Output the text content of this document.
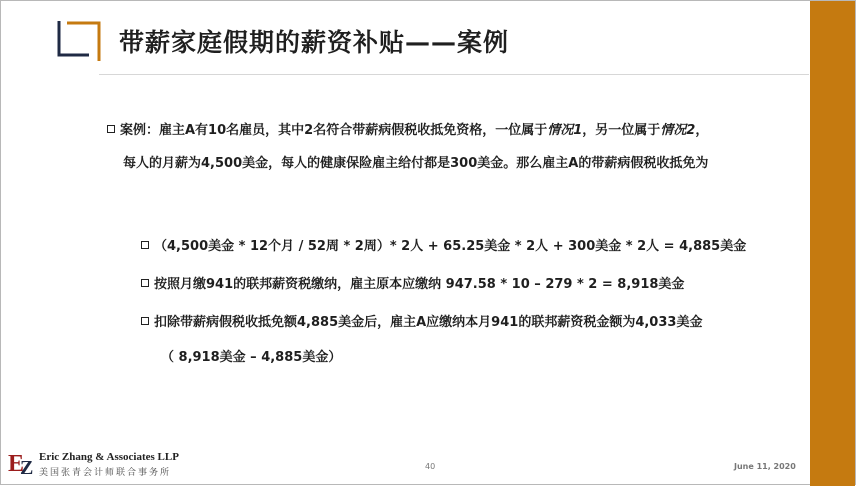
带薪家庭假期的薪资补贴——案例
案例：雇主A有10名雇员，其中2名符合带薪病假税收抵免资格，一位属于情况1，另一位属于情况2，
每人的月薪为4,500美金，每人的健康保险雇主给付都是300美金。那么雇主A的带薪病假税收抵免为
（4,500美金 * 12个月 / 52周 * 2周）* 2人 + 65.25美金 * 2人 + 300美金 * 2人 = 4,885美金
按照月缴941的联邦薪资税缴纳，雇主原本应缴纳 947.58 * 10 – 279 * 2 = 8,918美金
扣除带薪病假税收抵免额4,885美金后，雇主A应缴纳本月941的联邦薪资税金额为4,033美金
（ 8,918美金 – 4,885美金）
E
Z Eric Zhang & Associates LLP
美国张青会计师联合事务所
40	June 11, 2020
